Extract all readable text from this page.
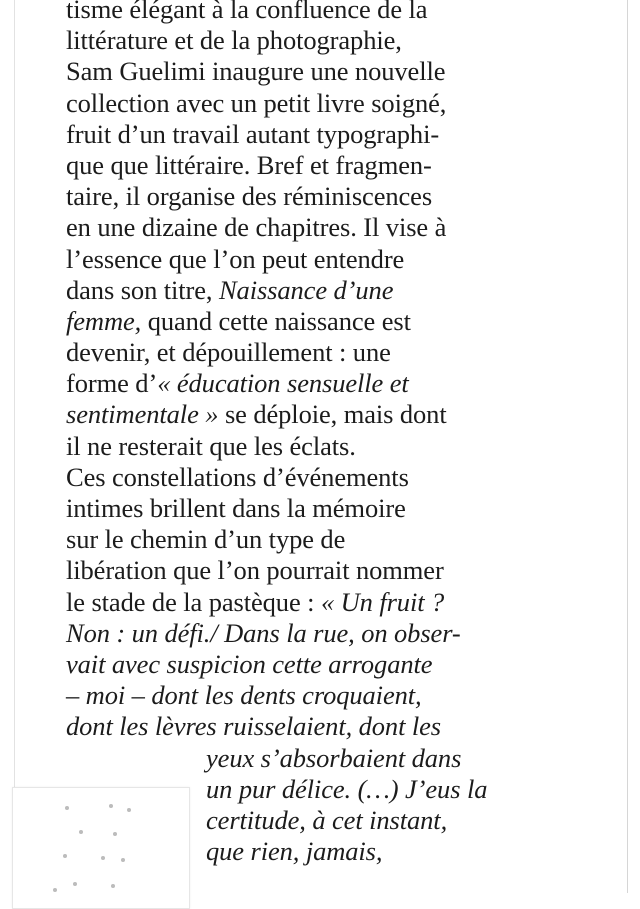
tisme élégant à la confluence de la
littérature et de la photographie,
Sam Guelimi inaugure une nouvelle
collection avec un petit livre soigné,
fruit d’un travail autant typographi-
que que littéraire. Bref et fragmen-
taire, il organise des réminiscences
en une dizaine de chapitres. Il vise à
l’essence que l’on peut entendre
dans son titre, Naissance d’une
femme, quand cette naissance est
devenir, et dépouillement : une
forme d’« éducation sensuelle et
sentimentale » se déploie, mais dont
il ne resterait que les éclats.
Ces constellations d’événements
intimes brillent dans la mémoire
sur le chemin d’un type de
libération que l’on pourrait nommer
le stade de la pastèque : « Un fruit ?
Non : un défi./ Dans la rue, on obser-
vait avec suspicion cette arrogante
– moi – dont les dents croquaient,
dont les lèvres ruisselaient, dont les
yeux s’absorbaient dans
un pur délice. (…) J’eus la
certitude, à cet instant,
que rien, jamais,
